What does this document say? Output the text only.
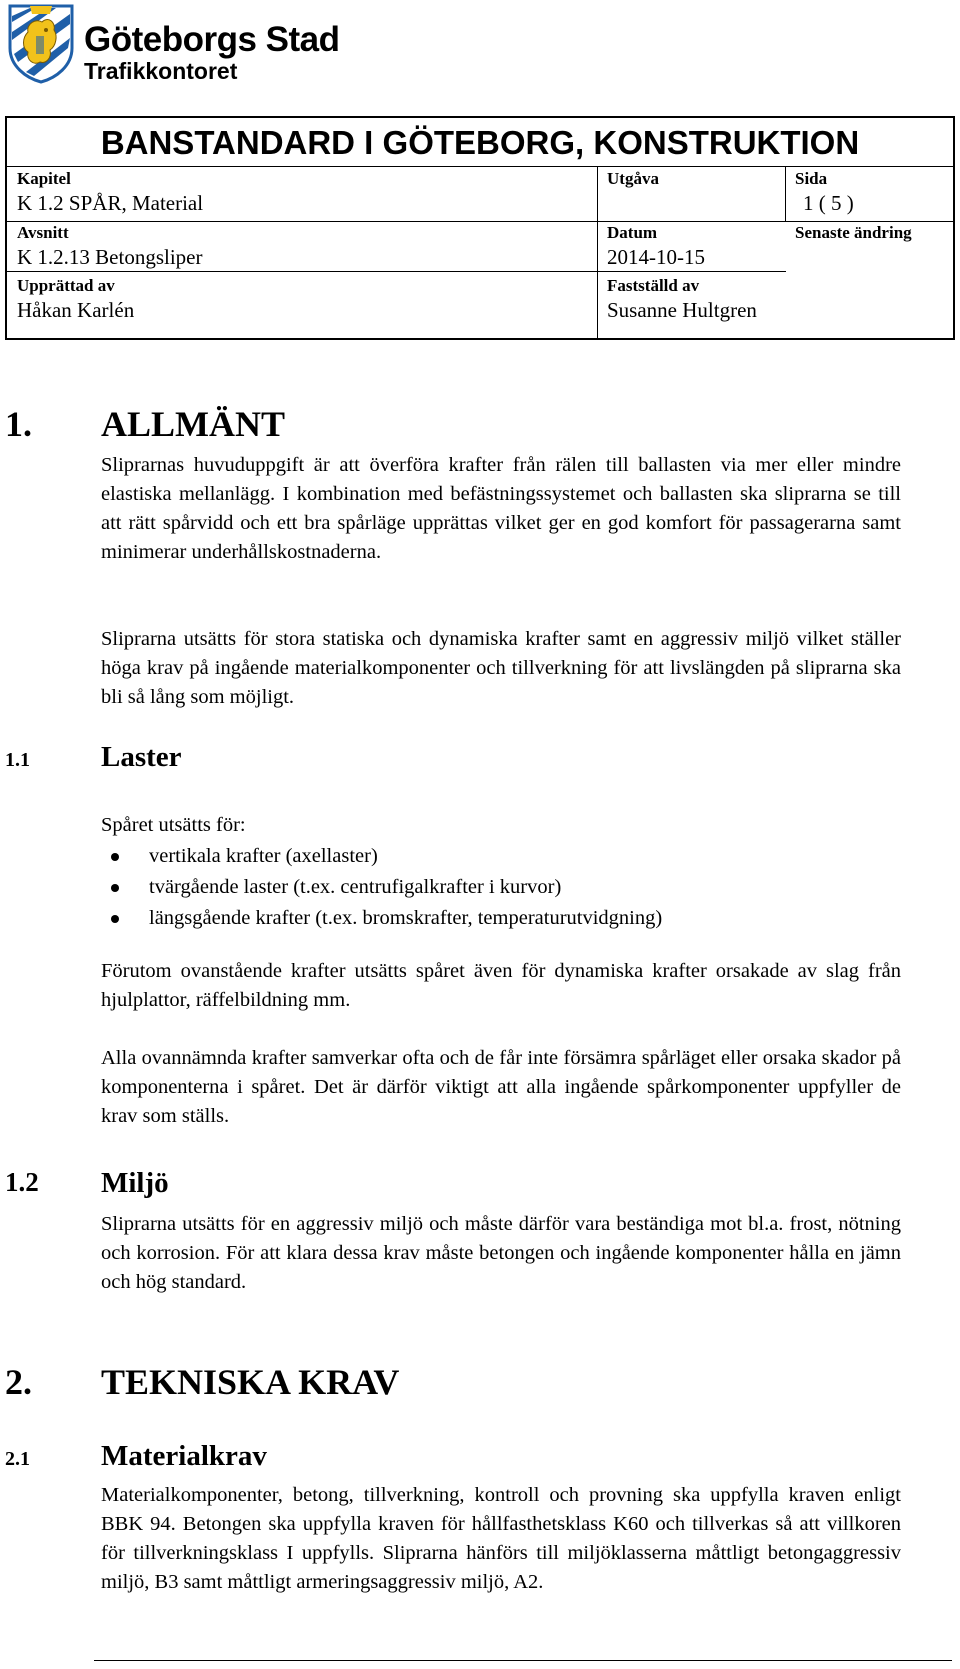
Göteborgs Stad
Trafikkontoret
BANSTANDARD I GÖTEBORG, KONSTRUKTION
Kapitel
K 1.2 SPÅR, Material
Utgåva	Sida
1 ( 5 )
Avsnitt
K 1.2.13 Betongsliper
Datum
2014-10-15
Senaste ändring
Upprättad av
Håkan Karlén
Fastställd av
Susanne Hultgren
1. ALLMÄNT
Sliprarnas huvuduppgift är att överföra krafter från rälen till ballasten via mer eller mindre elastiska mellanlägg. I kombination med befästningssystemet och ballasten ska sliprarna se till att rätt spårvidd och ett bra spårläge upprättas vilket ger en god komfort för passagerarna samt minimerar underhållskostnaderna.
Sliprarna utsätts för stora statiska och dynamiska krafter samt en aggressiv miljö vilket ställer höga krav på ingående materialkomponenter och tillverkning för att livslängden på sliprarna ska bli så lång som möjligt.
1.1 Laster
Spåret utsätts för:
vertikala krafter (axellaster)
tvärgående laster (t.ex. centrufigalkrafter i kurvor)
längsgående krafter (t.ex. bromskrafter, temperaturutvidgning)
Förutom ovanstående krafter utsätts spåret även för dynamiska krafter orsakade av slag från hjulplattor, räffelbildning mm.
Alla ovannämnda krafter samverkar ofta och de får inte försämra spårläget eller orsaka skador på komponenterna i spåret. Det är därför viktigt att alla ingående spårkomponenter uppfyller de krav som ställs.
1.2 Miljö
Sliprarna utsätts för en aggressiv miljö och måste därför vara beständiga mot bl.a. frost, nötning och korrosion. För att klara dessa krav måste betongen och ingående komponenter hålla en jämn och hög standard.
2. TEKNISKA KRAV
2.1 Materialkrav
Materialkomponenter, betong, tillverkning, kontroll och provning ska uppfylla kraven enligt BBK 94. Betongen ska uppfylla kraven för hållfasthetsklass K60 och tillverkas så att villkoren för tillverkningsklass I uppfylls. Sliprarna hänförs till miljöklasserna måttligt betongaggressiv miljö, B3 samt måttligt armeringsaggressiv miljö, A2.
